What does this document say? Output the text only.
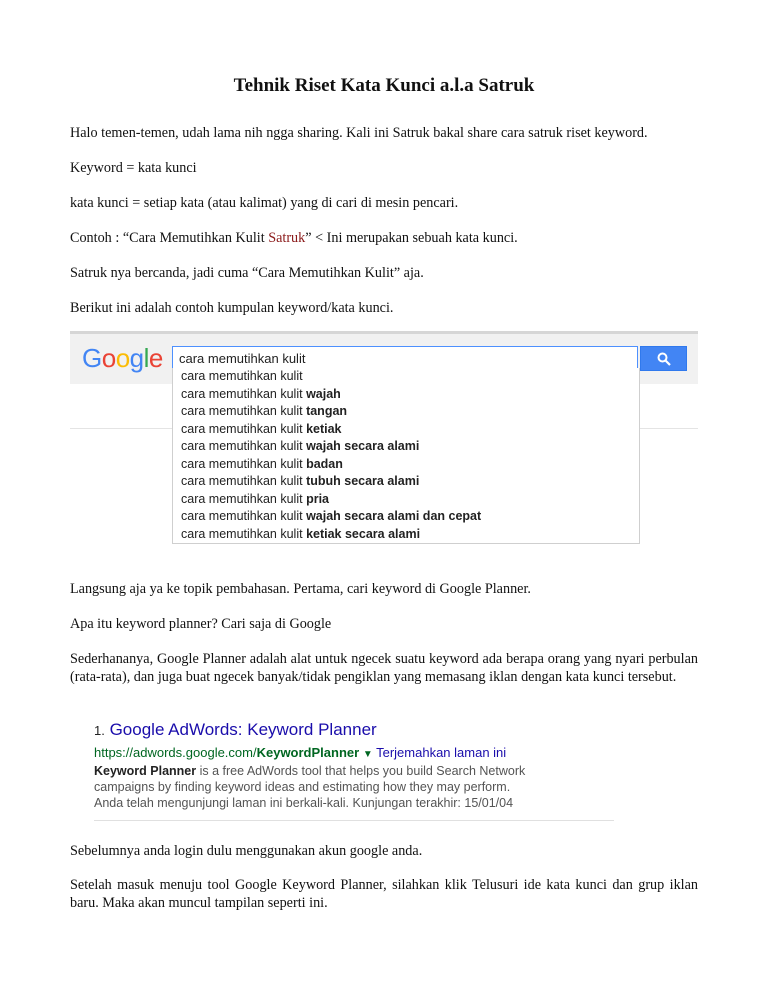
Tehnik Riset Kata Kunci a.l.a Satruk

Halo temen-temen, udah lama nih ngga sharing. Kali ini Satruk bakal share cara satruk riset keyword.

Keyword = kata kunci

kata kunci = setiap kata (atau kalimat) yang di cari di mesin pencari.

Contoh : “Cara Memutihkan Kulit Satruk” < Ini merupakan sebuah kata kunci.

Satruk nya bercanda, jadi cuma “Cara Memutihkan Kulit” aja.

Berikut ini adalah contoh kumpulan keyword/kata kunci.

Google cara memutihkan kulit
cara memutihkan kulit
cara memutihkan kulit wajah
cara memutihkan kulit tangan
cara memutihkan kulit ketiak
cara memutihkan kulit wajah secara alami
cara memutihkan kulit badan
cara memutihkan kulit tubuh secara alami
cara memutihkan kulit pria
cara memutihkan kulit wajah secara alami dan cepat
cara memutihkan kulit ketiak secara alami

Langsung aja ya ke topik pembahasan. Pertama, cari keyword di Google Planner.

Apa itu keyword planner? Cari saja di Google

Sederhananya, Google Planner adalah alat untuk ngecek suatu keyword ada berapa orang yang nyari perbulan (rata-rata), dan juga buat ngecek banyak/tidak pengiklan yang memasang iklan dengan kata kunci tersebut.

1. Google AdWords: Keyword Planner
https://adwords.google.com/KeywordPlanner ▼ Terjemahkan laman ini
Keyword Planner is a free AdWords tool that helps you build Search Network
campaigns by finding keyword ideas and estimating how they may perform.
Anda telah mengunjungi laman ini berkali-kali. Kunjungan terakhir: 15/01/04

Sebelumnya anda login dulu menggunakan akun google anda.

Setelah masuk menuju tool Google Keyword Planner, silahkan klik Telusuri ide kata kunci dan grup iklan baru. Maka akan muncul tampilan seperti ini.
